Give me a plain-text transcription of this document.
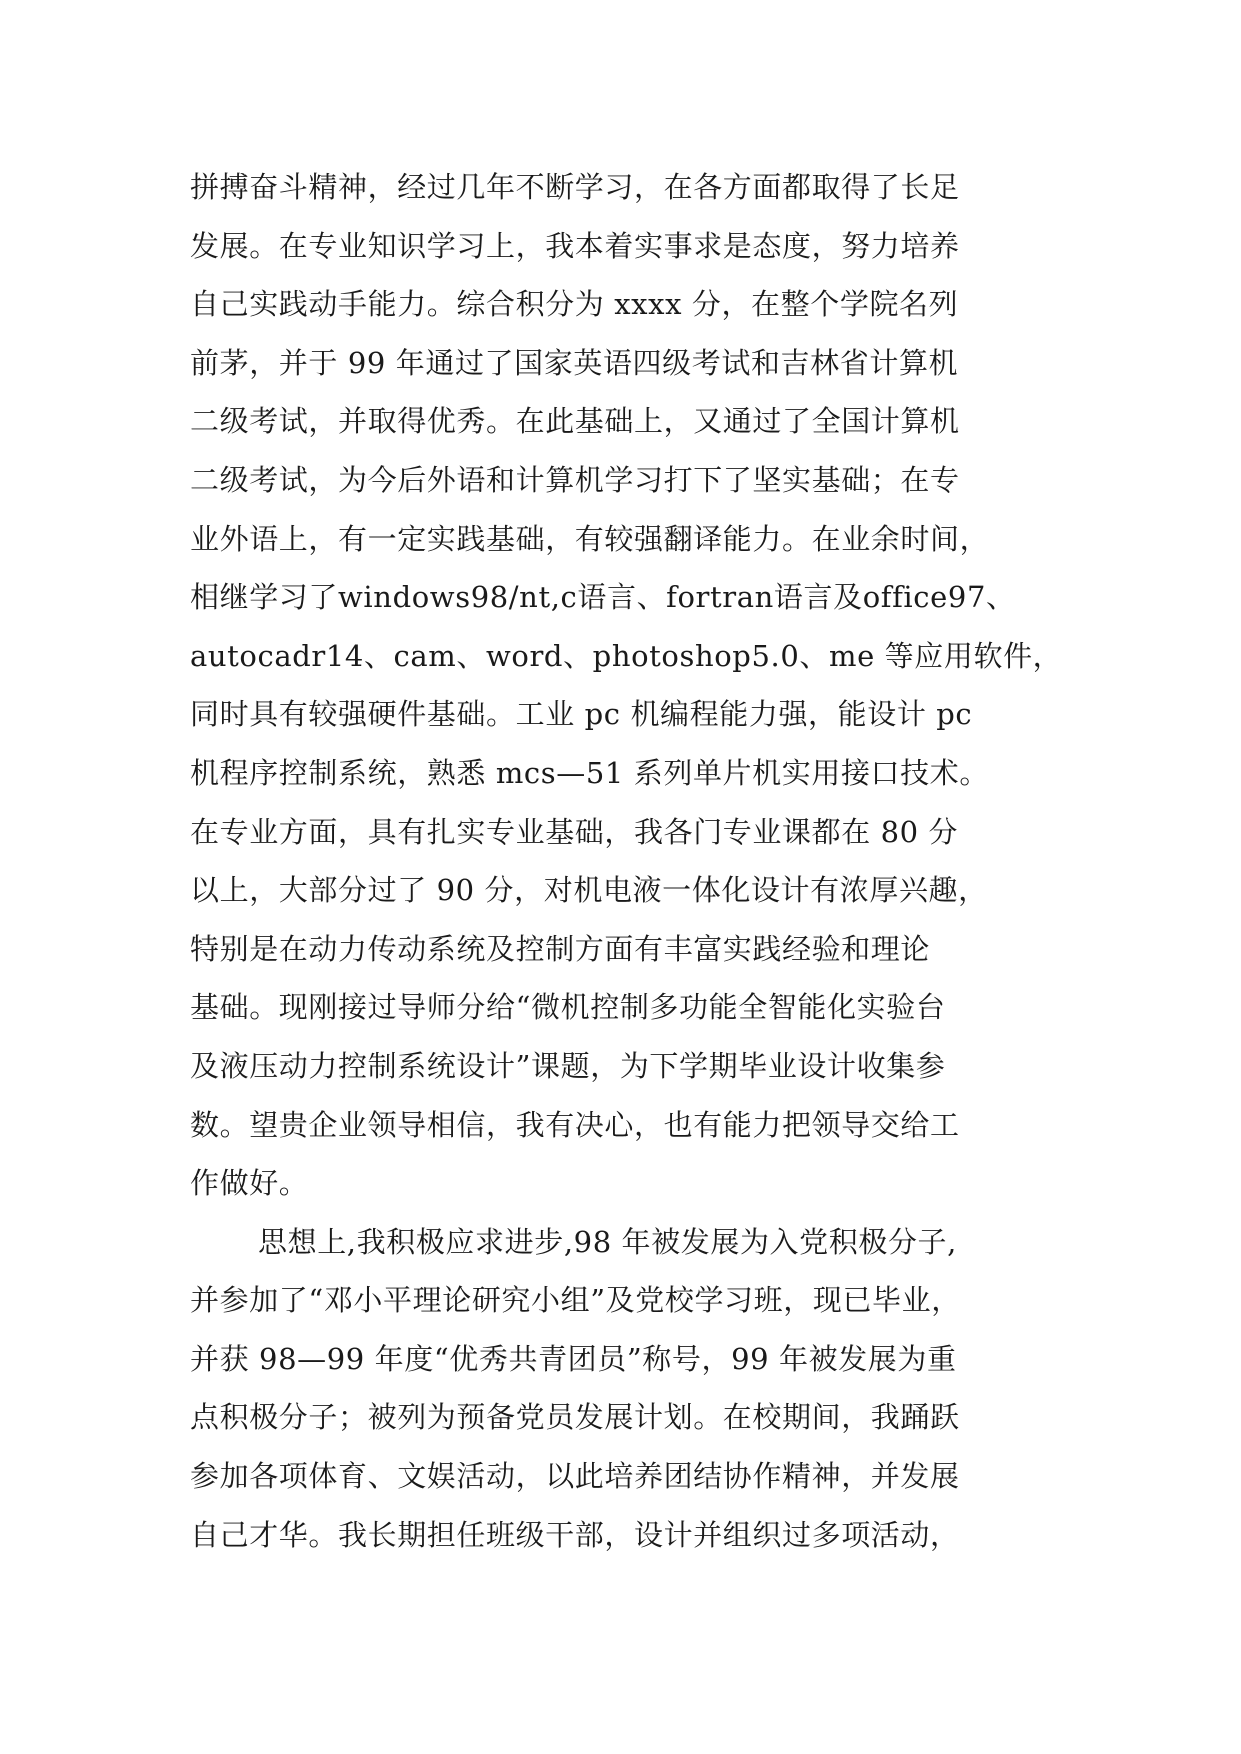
拼搏奋斗精神，经过几年不断学习，在各方面都取得了长足
发展。在专业知识学习上，我本着实事求是态度，努力培养
自己实践动手能力。综合积分为 xxxx 分，在整个学院名列
前茅，并于 99 年通过了国家英语四级考试和吉林省计算机
二级考试，并取得优秀。在此基础上，又通过了全国计算机
二级考试，为今后外语和计算机学习打下了坚实基础；在专
业外语上，有一定实践基础，有较强翻译能力。在业余时间，
相继学习了windows98/nt,c语言、fortran语言及office97、
autocadr14、cam、word、photoshop5.0、me 等应用软件，
同时具有较强硬件基础。工业 pc 机编程能力强，能设计 pc
机程序控制系统，熟悉 mcs—51 系列单片机实用接口技术。
在专业方面，具有扎实专业基础，我各门专业课都在 80 分
以上，大部分过了 90 分，对机电液一体化设计有浓厚兴趣，
特别是在动力传动系统及控制方面有丰富实践经验和理论
基础。现刚接过导师分给“微机控制多功能全智能化实验台
及液压动力控制系统设计”课题，为下学期毕业设计收集参
数。望贵企业领导相信，我有决心，也有能力把领导交给工
作做好。
思想上,我积极应求进步,98 年被发展为入党积极分子,
并参加了“邓小平理论研究小组”及党校学习班，现已毕业，
并获 98—99 年度“优秀共青团员”称号，99 年被发展为重
点积极分子；被列为预备党员发展计划。在校期间，我踊跃
参加各项体育、文娱活动，以此培养团结协作精神，并发展
自己才华。我长期担任班级干部，设计并组织过多项活动，
